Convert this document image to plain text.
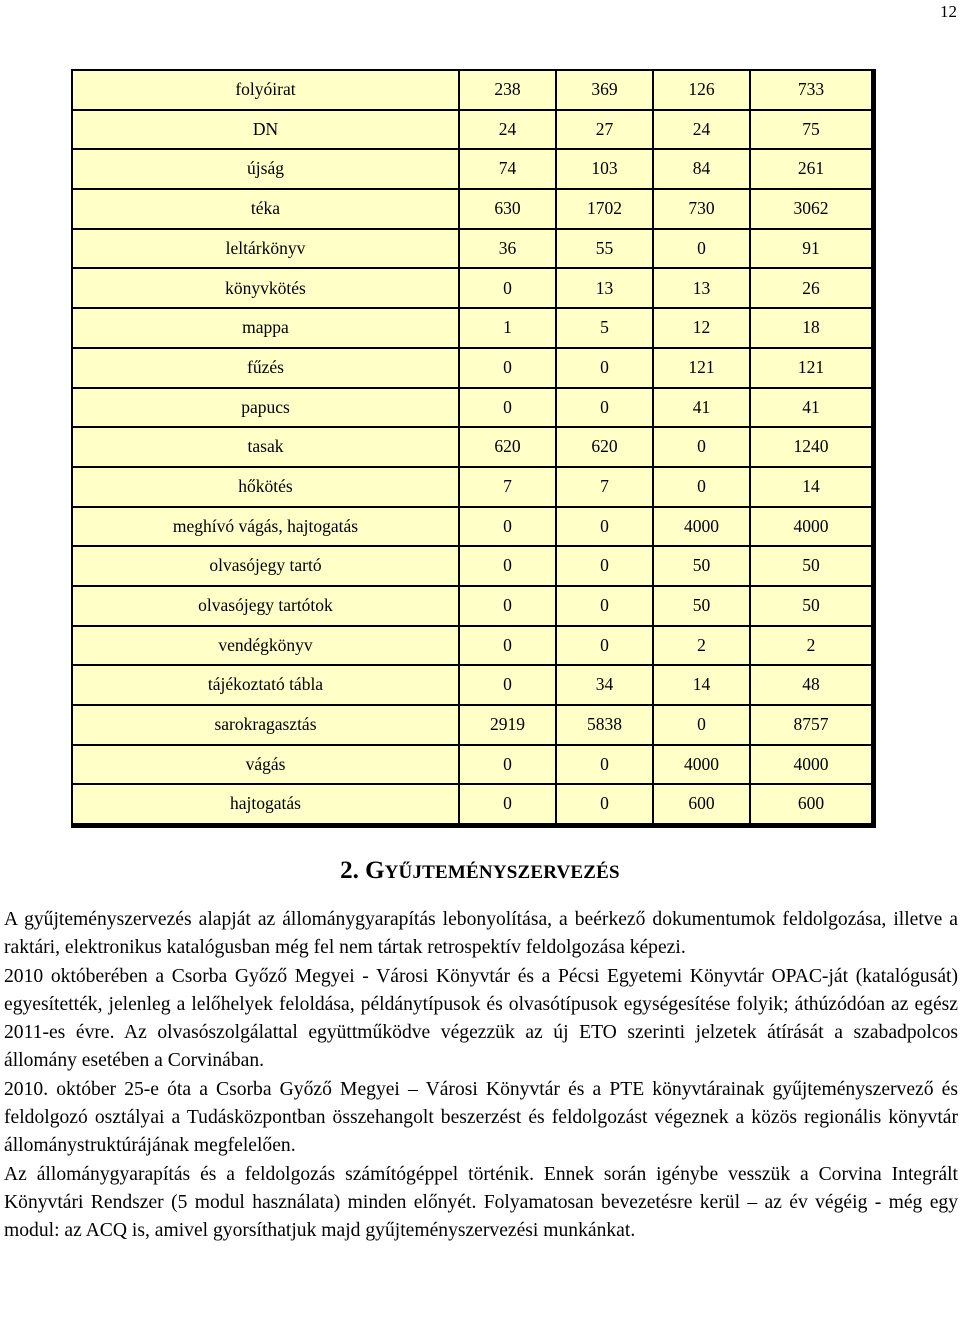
12
folyóirat	238	369	126	733
DN	24	27	24	75
újság	74	103	84	261
téka	630	1702	730	3062
leltárkönyv	36	55	0	91
könyvkötés	0	13	13	26
mappa	1	5	12	18
fűzés	0	0	121	121
papucs	0	0	41	41
tasak	620	620	0	1240
hőkötés	7	7	0	14
meghívó vágás, hajtogatás	0	0	4000	4000
olvasójegy tartó	0	0	50	50
olvasójegy tartótok	0	0	50	50
vendégkönyv	0	0	2	2
tájékoztató tábla	0	34	14	48
sarokragasztás	2919	5838	0	8757
vágás	0	0	4000	4000
hajtogatás	0	0	600	600
2. GYŰJTEMÉNYSZERVEZÉS

A gyűjteményszervezés alapját az állománygyarapítás lebonyolítása, a beérkező dokumentumok feldolgozása, illetve a raktári, elektronikus katalógusban még fel nem tártak retrospektív feldolgozása képezi.

2010 októberében a Csorba Győző Megyei - Városi Könyvtár és a Pécsi Egyetemi Könyvtár OPAC-ját (katalógusát) egyesítették, jelenleg a lelőhelyek feloldása, példánytípusok és olvasótípusok egységesítése folyik; áthúzódóan az egész 2011-es évre. Az olvasószolgálattal együttműködve végezzük az új ETO szerinti jelzetek átírását a szabadpolcos állomány esetében a Corvinában.

2010. október 25-e óta a Csorba Győző Megyei – Városi Könyvtár és a PTE könyvtárainak gyűjteményszervező és feldolgozó osztályai a Tudásközpontban összehangolt beszerzést és feldolgozást végeznek a közös regionális könyvtár állománystruktúrájának megfelelően.

Az állománygyarapítás és a feldolgozás számítógéppel történik. Ennek során igénybe vesszük a Corvina Integrált Könyvtári Rendszer (5 modul használata) minden előnyét. Folyamatosan bevezetésre kerül – az év végéig - még egy modul: az ACQ is, amivel gyorsíthatjuk majd gyűjteményszervezési munkánkat.
